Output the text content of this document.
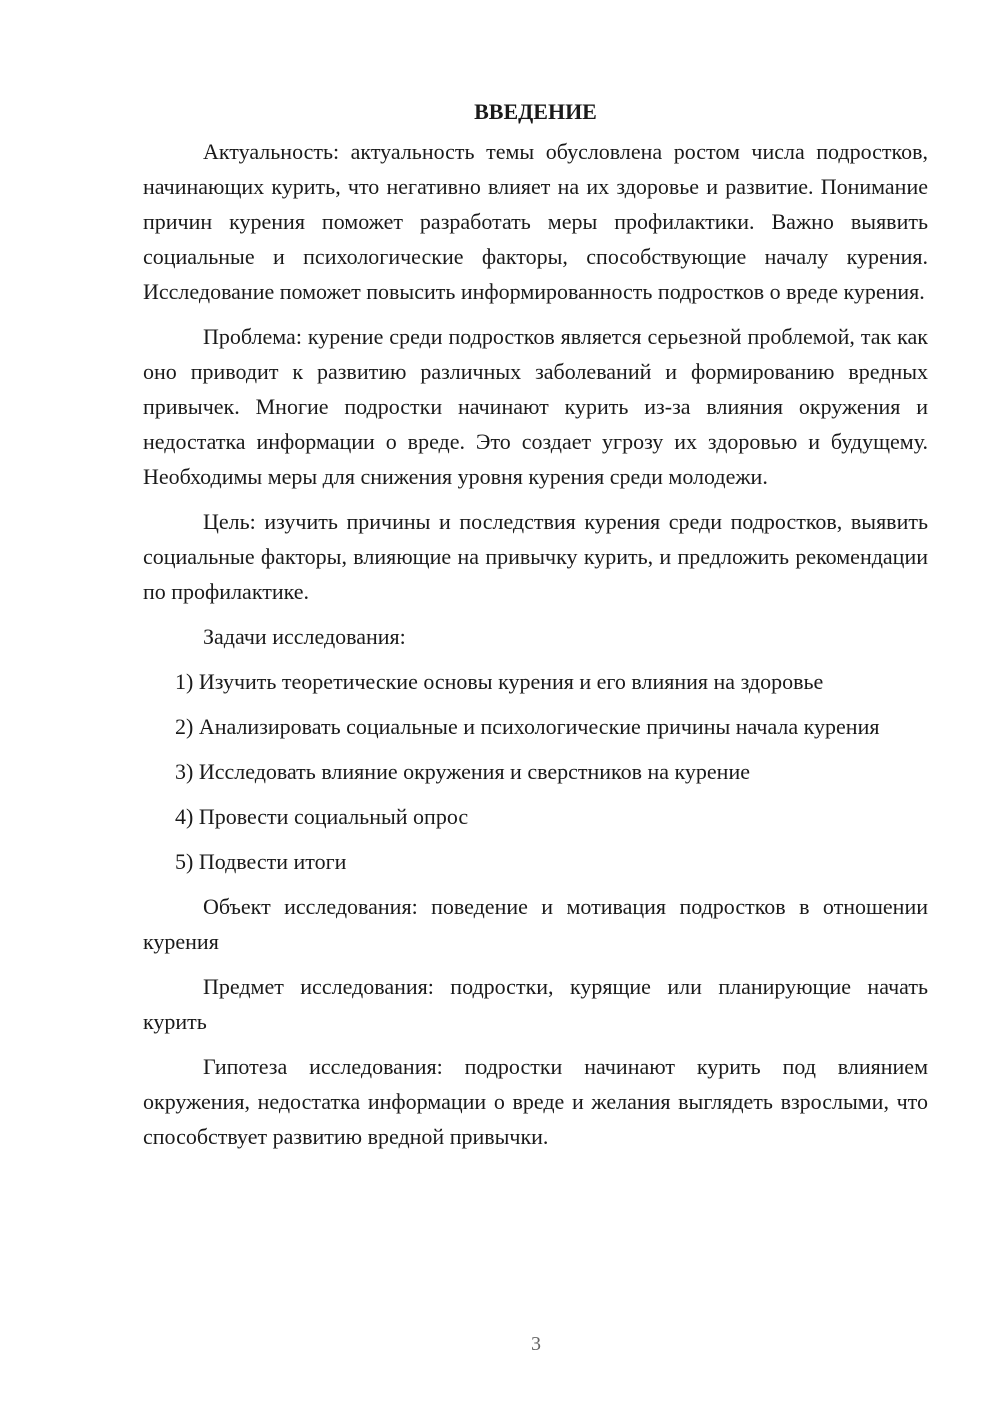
ВВЕДЕНИЕ

Актуальность: актуальность темы обусловлена ростом числа подростков, начинающих курить, что негативно влияет на их здоровье и развитие. Понимание причин курения поможет разработать меры профилактики. Важно выявить социальные и психологические факторы, способствующие началу курения. Исследование поможет повысить информированность подростков о вреде курения.

Проблема: курение среди подростков является серьезной проблемой, так как оно приводит к развитию различных заболеваний и формированию вредных привычек. Многие подростки начинают курить из-за влияния окружения и недостатка информации о вреде. Это создает угрозу их здоровью и будущему. Необходимы меры для снижения уровня курения среди молодежи.

Цель: изучить причины и последствия курения среди подростков, выявить социальные факторы, влияющие на привычку курить, и предложить рекомендации по профилактике.

Задачи исследования:

1) Изучить теоретические основы курения и его влияния на здоровье

2) Анализировать социальные и психологические причины начала курения

3) Исследовать влияние окружения и сверстников на курение

4) Провести социальный опрос

5) Подвести итоги

Объект исследования: поведение и мотивация подростков в отношении курения

Предмет исследования: подростки, курящие или планирующие начать курить

Гипотеза исследования: подростки начинают курить под влиянием окружения, недостатка информации о вреде и желания выглядеть взрослыми, что способствует развитию вредной привычки.

3
